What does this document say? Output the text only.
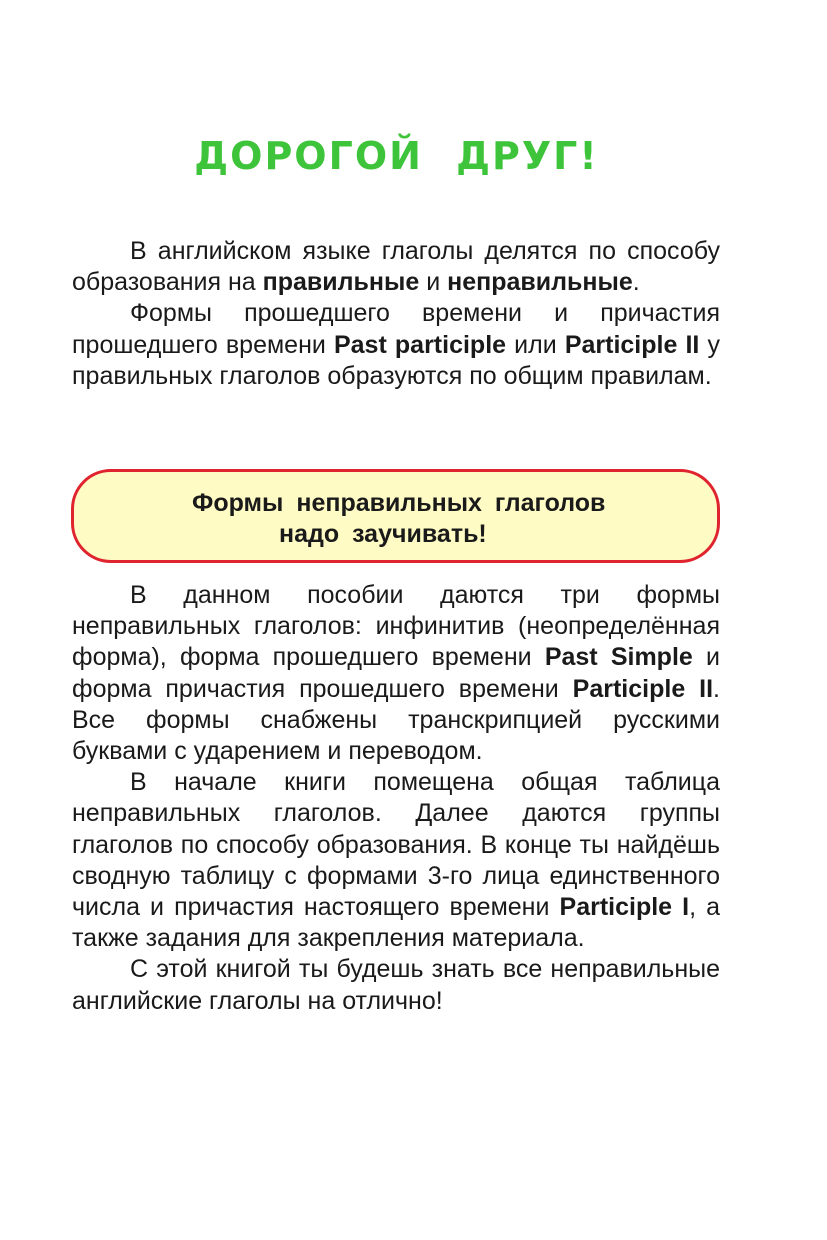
ДОРОГОЙ ДРУГ!

В английском языке глаголы делятся по способу образования на правильные и неправильные.

Формы прошедшего времени и причастия прошедшего времени Past participle или Participle II у правильных глаголов образуются по общим правилам.

Формы неправильных глаголов
надо заучивать!

В данном пособии даются три формы неправильных глаголов: инфинитив (неопределённая форма), форма прошедшего времени Past Simple и форма причастия прошедшего времени Participle II. Все формы снабжены транскрипцией русскими буквами с ударением и переводом.

В начале книги помещена общая таблица неправильных глаголов. Далее даются группы глаголов по способу образования. В конце ты найдёшь сводную таблицу с формами 3-го лица единственного числа и причастия настоящего времени Participle I, а также задания для закрепления материала.

С этой книгой ты будешь знать все неправильные английские глаголы на отлично!
